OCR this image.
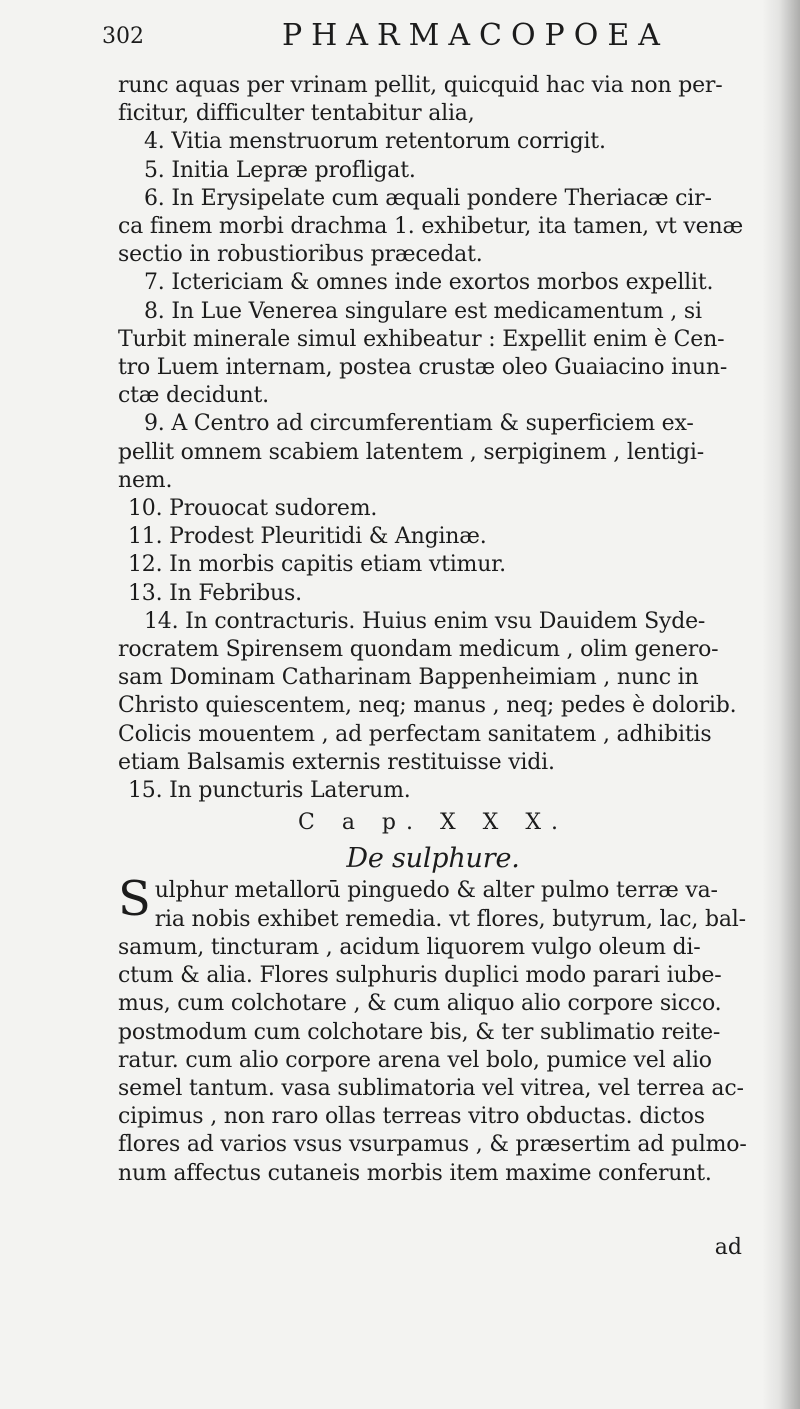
302	PHARMACOPOEA
runc aquas per vrinam pellit, quicquid hac via non per-
ficitur, difficulter tentabitur alia,
4. Vitia menstruorum retentorum corrigit.
5. Initia Lepræ profligat.
6. In Erysipelate cum æquali pondere Theriacæ cir-
ca finem morbi drachma 1. exhibetur, ita tamen, vt venæ
sectio in robustioribus præcedat.
7. Ictericiam & omnes inde exortos morbos expellit.
8. In Lue Venerea singulare est medicamentum , si
Turbit minerale simul exhibeatur : Expellit enim è Cen-
tro Luem internam, postea crustæ oleo Guaiacino inun-
ctæ decidunt.
9. A Centro ad circumferentiam & superficiem ex-
pellit omnem scabiem latentem , serpiginem , lentigi-
nem.
10. Prouocat sudorem.
11. Prodest Pleuritidi & Anginæ.
12. In morbis capitis etiam vtimur.
13. In Febribus.
14. In contracturis. Huius enim vsu Dauidem Syde-
rocratem Spirensem quondam medicum , olim genero-
sam Dominam Catharinam Bappenheimiam , nunc in
Christo quiescentem, neq; manus , neq; pedes è dolorib.
Colicis mouentem , ad perfectam sanitatem , adhibitis
etiam Balsamis externis restituisse vidi.
15. In puncturis Laterum.
C a p. X X X.
De sulphure.
Sulphur metallorū pinguedo & alter pulmo terræ va-
ria nobis exhibet remedia. vt flores, butyrum, lac, bal-
samum, tincturam , acidum liquorem vulgo oleum di-
ctum & alia. Flores sulphuris duplici modo parari iube-
mus, cum colchotare , & cum aliquo alio corpore sicco.
postmodum cum colchotare bis, & ter sublimatio reite-
ratur. cum alio corpore arena vel bolo, pumice vel alio
semel tantum. vasa sublimatoria vel vitrea, vel terrea ac-
cipimus , non raro ollas terreas vitro obductas. dictos
flores ad varios vsus vsurpamus , & præsertim ad pulmo-
num affectus cutaneis morbis item maxime conferunt.
ad
